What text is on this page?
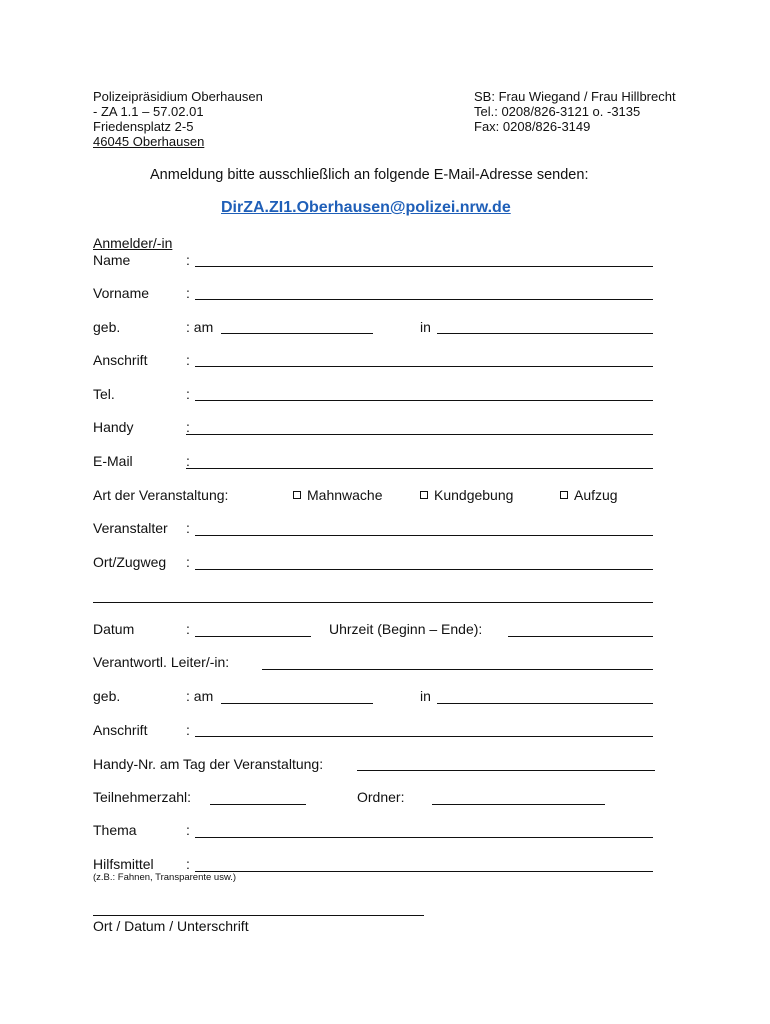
Polizeipräsidium Oberhausen
- ZA 1.1 – 57.02.01
Friedensplatz 2-5
46045 Oberhausen
SB: Frau Wiegand / Frau Hillbrecht
Tel.: 0208/826-3121 o. -3135
Fax: 0208/826-3149
Anmeldung bitte ausschließlich an folgende E-Mail-Adresse senden:
DirZA.ZI1.Oberhausen@polizei.nrw.de
Anmelder/-in
Name	:
Vorname	:
geb.	: am	in
Anschrift	:
Tel.	:
Handy	:
E-Mail	:
Art der Veranstaltung:	Mahnwache	Kundgebung	Aufzug
Veranstalter :
Ort/Zugweg :
Datum	:	Uhrzeit (Beginn – Ende):
Verantwortl. Leiter/-in:
geb.	: am	in
Anschrift	:
Handy-Nr. am Tag der Veranstaltung:
Teilnehmerzahl:	Ordner:
Thema	:
Hilfsmittel :
(z.B.: Fahnen, Transparente usw.)
Ort / Datum / Unterschrift
